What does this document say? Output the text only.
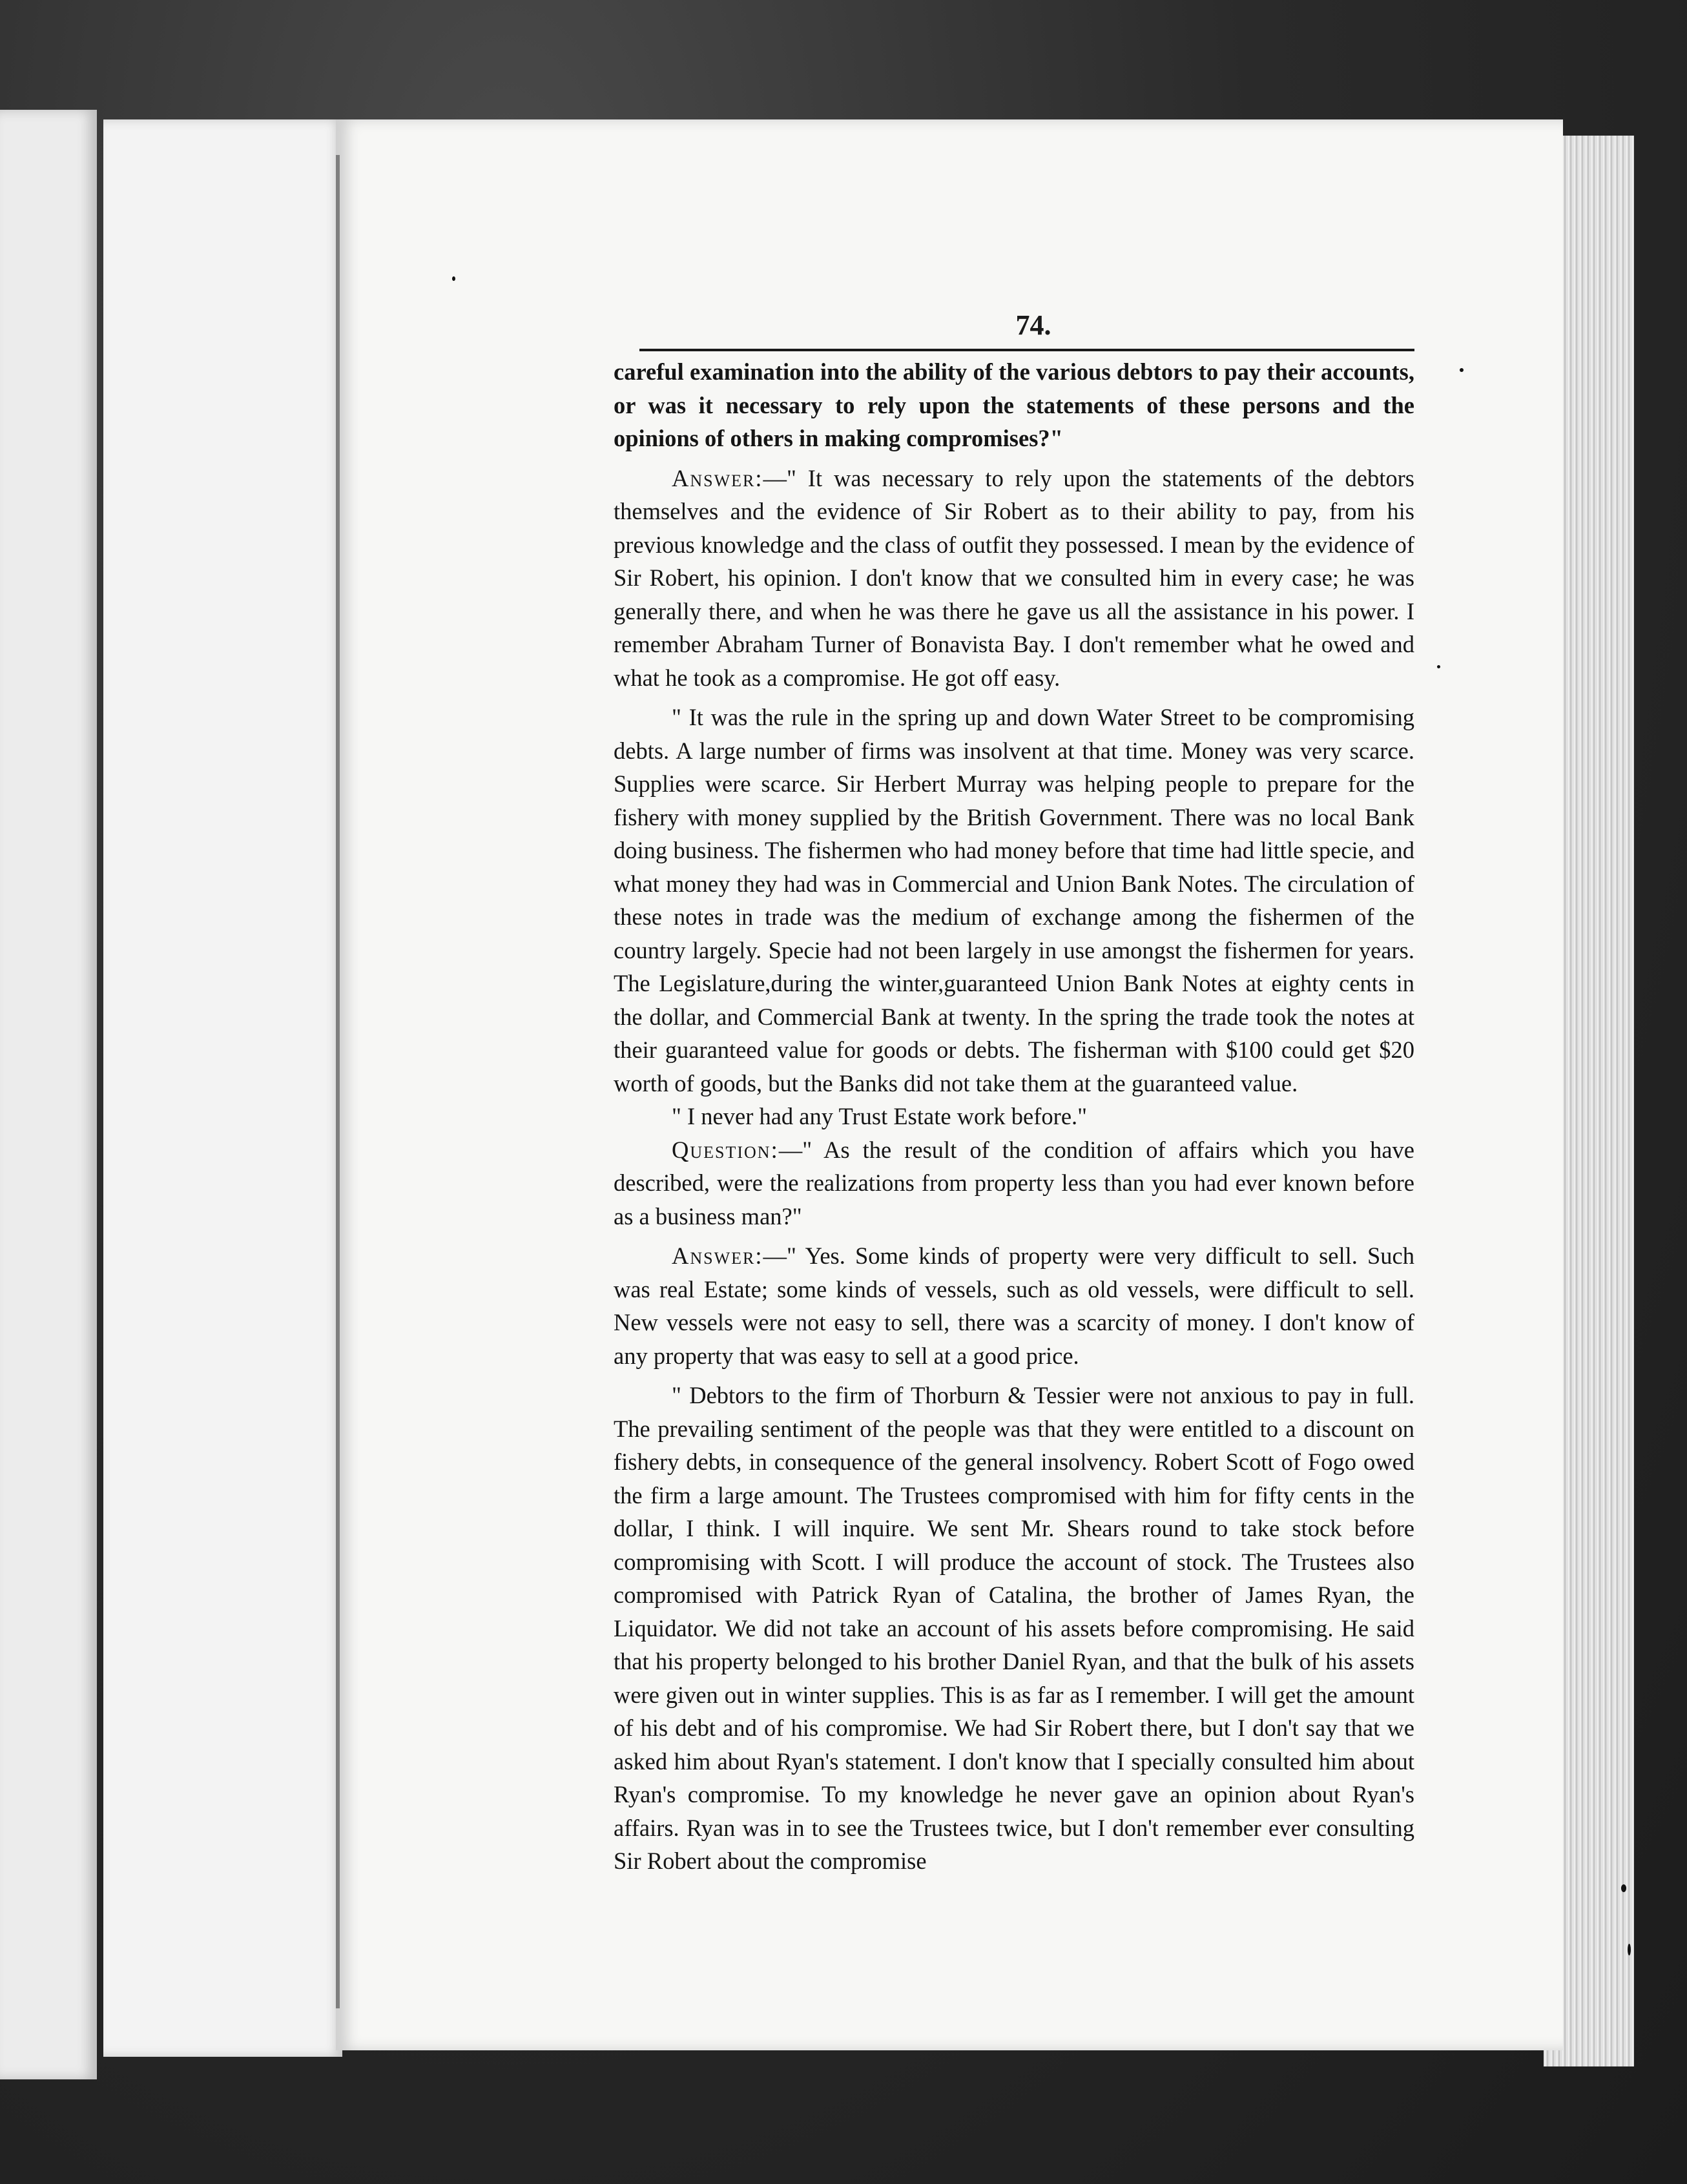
74.

careful examination into the ability of the various debtors to pay their accounts, or was it necessary to rely upon the statements of these persons and the opinions of others in making compromises?"

Answer:—" It was necessary to rely upon the statements of the debtors themselves and the evidence of Sir Robert as to their ability to pay, from his previous knowledge and the class of outfit they possessed. I mean by the evidence of Sir Robert, his opinion. I don't know that we consulted him in every case; he was generally there, and when he was there he gave us all the assistance in his power. I remember Abraham Turner of Bonavista Bay. I don't remember what he owed and what he took as a compromise. He got off easy.

" It was the rule in the spring up and down Water Street to be compromising debts. A large number of firms was insolvent at that time. Money was very scarce. Supplies were scarce. Sir Herbert Murray was helping people to prepare for the fishery with money supplied by the British Government. There was no local Bank doing business. The fishermen who had money before that time had little specie, and what money they had was in Commercial and Union Bank Notes. The circulation of these notes in trade was the medium of exchange among the fishermen of the country largely. Specie had not been largely in use amongst the fishermen for years. The Legislature,during the winter,guaranteed Union Bank Notes at eighty cents in the dollar, and Commercial Bank at twenty. In the spring the trade took the notes at their guaranteed value for goods or debts. The fisherman with $100 could get $20 worth of goods, but the Banks did not take them at the guaranteed value.

" I never had any Trust Estate work before."

Question:—" As the result of the condition of affairs which you have described, were the realizations from property less than you had ever known before as a business man?"

Answer:—" Yes. Some kinds of property were very difficult to sell. Such was real Estate; some kinds of vessels, such as old vessels, were difficult to sell. New vessels were not easy to sell, there was a scarcity of money. I don't know of any property that was easy to sell at a good price.

" Debtors to the firm of Thorburn & Tessier were not anxious to pay in full. The prevailing sentiment of the people was that they were entitled to a discount on fishery debts, in consequence of the general insolvency. Robert Scott of Fogo owed the firm a large amount. The Trustees compromised with him for fifty cents in the dollar, I think. I will inquire. We sent Mr. Shears round to take stock before compromising with Scott. I will produce the account of stock. The Trustees also compromised with Patrick Ryan of Catalina, the brother of James Ryan, the Liquidator. We did not take an account of his assets before compromising. He said that his property belonged to his brother Daniel Ryan, and that the bulk of his assets were given out in winter supplies. This is as far as I remember. I will get the amount of his debt and of his compromise. We had Sir Robert there, but I don't say that we asked him about Ryan's statement. I don't know that I specially consulted him about Ryan's compromise. To my knowledge he never gave an opinion about Ryan's affairs. Ryan was in to see the Trustees twice, but I don't remember ever consulting Sir Robert about the compromise
